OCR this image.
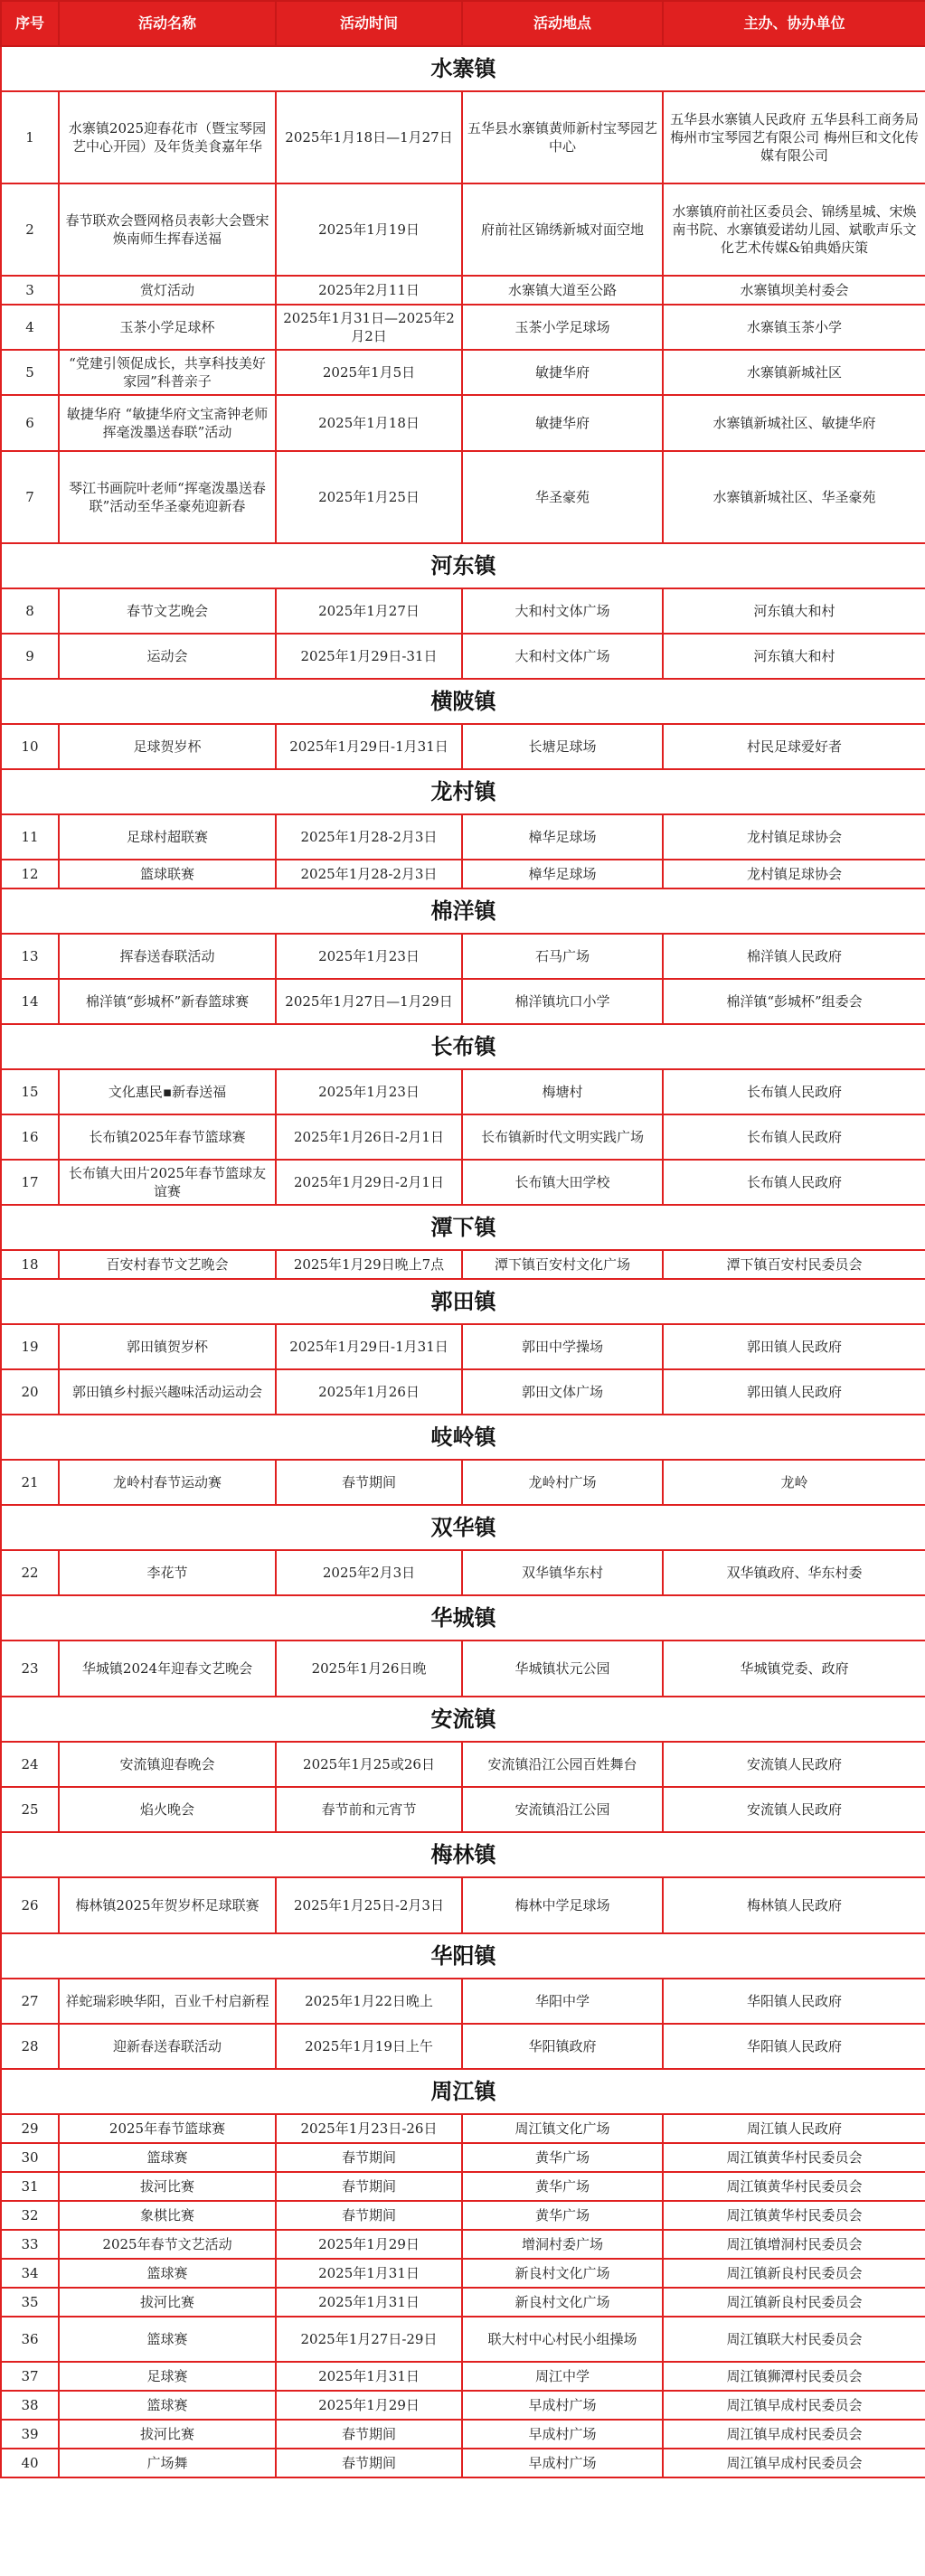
序号	活动名称	活动时间	活动地点	主办、协办单位
水寨镇				
1	水寨镇2025迎春花市（暨宝琴园艺中心开园）及年货美食嘉年华	2025年1月18日—1月27日	五华县水寨镇黄师新村宝琴园艺中心	五华县水寨镇人民政府 五华县科工商务局 梅州市宝琴园艺有限公司 梅州巨和文化传媒有限公司
2	春节联欢会暨网格员表彰大会暨宋焕南师生挥春送福	2025年1月19日	府前社区锦绣新城对面空地	水寨镇府前社区委员会、锦绣星城、宋焕南书院、水寨镇爱诺幼儿园、斌歌声乐文化艺术传媒&铂典婚庆策
3	赏灯活动	2025年2月11日	水寨镇大道至公路	水寨镇坝美村委会
4	玉茶小学足球杯	2025年1月31日—2025年2月2日	玉茶小学足球场	水寨镇玉茶小学
5	“党建引领促成长，共享科技美好家园”科普亲子	2025年1月5日	敏捷华府	水寨镇新城社区
6	敏捷华府 “敏捷华府文宝斋钟老师挥毫泼墨送春联”活动	2025年1月18日	敏捷华府	水寨镇新城社区、敏捷华府
7	琴江书画院叶老师“挥毫泼墨送春联”活动至华圣豪苑迎新春	2025年1月25日	华圣豪苑	水寨镇新城社区、华圣豪苑
河东镇				
8	春节文艺晚会	2025年1月27日	大和村文体广场	河东镇大和村
9	运动会	2025年1月29日-31日	大和村文体广场	河东镇大和村
横陂镇				
10	足球贺岁杯	2025年1月29日-1月31日	长塘足球场	村民足球爱好者
龙村镇				
11	足球村超联赛	2025年1月28-2月3日	樟华足球场	龙村镇足球协会
12	篮球联赛	2025年1月28-2月3日	樟华足球场	龙村镇足球协会
棉洋镇				
13	挥春送春联活动	2025年1月23日	石马广场	棉洋镇人民政府
14	棉洋镇“彭城杯”新春篮球赛	2025年1月27日—1月29日	棉洋镇坑口小学	棉洋镇“彭城杯”组委会
长布镇				
15	文化惠民▪新春送福	2025年1月23日	梅塘村	长布镇人民政府
16	长布镇2025年春节篮球赛	2025年1月26日-2月1日	长布镇新时代文明实践广场	长布镇人民政府
17	长布镇大田片2025年春节篮球友谊赛	2025年1月29日-2月1日	长布镇大田学校	长布镇人民政府
潭下镇				
18	百安村春节文艺晚会	2025年1月29日晚上7点	潭下镇百安村文化广场	潭下镇百安村民委员会
郭田镇				
19	郭田镇贺岁杯	2025年1月29日-1月31日	郭田中学操场	郭田镇人民政府
20	郭田镇乡村振兴趣味活动运动会	2025年1月26日	郭田文体广场	郭田镇人民政府
岐岭镇				
21	龙岭村春节运动赛	春节期间	龙岭村广场	龙岭
双华镇				
22	李花节	2025年2月3日	双华镇华东村	双华镇政府、华东村委
华城镇				
23	华城镇2024年迎春文艺晚会	2025年1月26日晚	华城镇状元公园	华城镇党委、政府
安流镇				
24	安流镇迎春晚会	2025年1月25或26日	安流镇沿江公园百姓舞台	安流镇人民政府
25	焰火晚会	春节前和元宵节	安流镇沿江公园	安流镇人民政府
梅林镇				
26	梅林镇2025年贺岁杯足球联赛	2025年1月25日-2月3日	梅林中学足球场	梅林镇人民政府
华阳镇				
27	祥蛇瑞彩映华阳，百业千村启新程	2025年1月22日晚上	华阳中学	华阳镇人民政府
28	迎新春送春联活动	2025年1月19日上午	华阳镇政府	华阳镇人民政府
周江镇				
29	2025年春节篮球赛	2025年1月23日-26日	周江镇文化广场	周江镇人民政府
30	篮球赛	春节期间	黄华广场	周江镇黄华村民委员会
31	拔河比赛	春节期间	黄华广场	周江镇黄华村民委员会
32	象棋比赛	春节期间	黄华广场	周江镇黄华村民委员会
33	2025年春节文艺活动	2025年1月29日	增洞村委广场	周江镇增洞村民委员会
34	篮球赛	2025年1月31日	新良村文化广场	周江镇新良村民委员会
35	拔河比赛	2025年1月31日	新良村文化广场	周江镇新良村民委员会
36	篮球赛	2025年1月27日-29日	联大村中心村民小组操场	周江镇联大村民委员会
37	足球赛	2025年1月31日	周江中学	周江镇狮潭村民委员会
38	篮球赛	2025年1月29日	早成村广场	周江镇早成村民委员会
39	拔河比赛	春节期间	早成村广场	周江镇早成村民委员会
40	广场舞	春节期间	早成村广场	周江镇早成村民委员会
